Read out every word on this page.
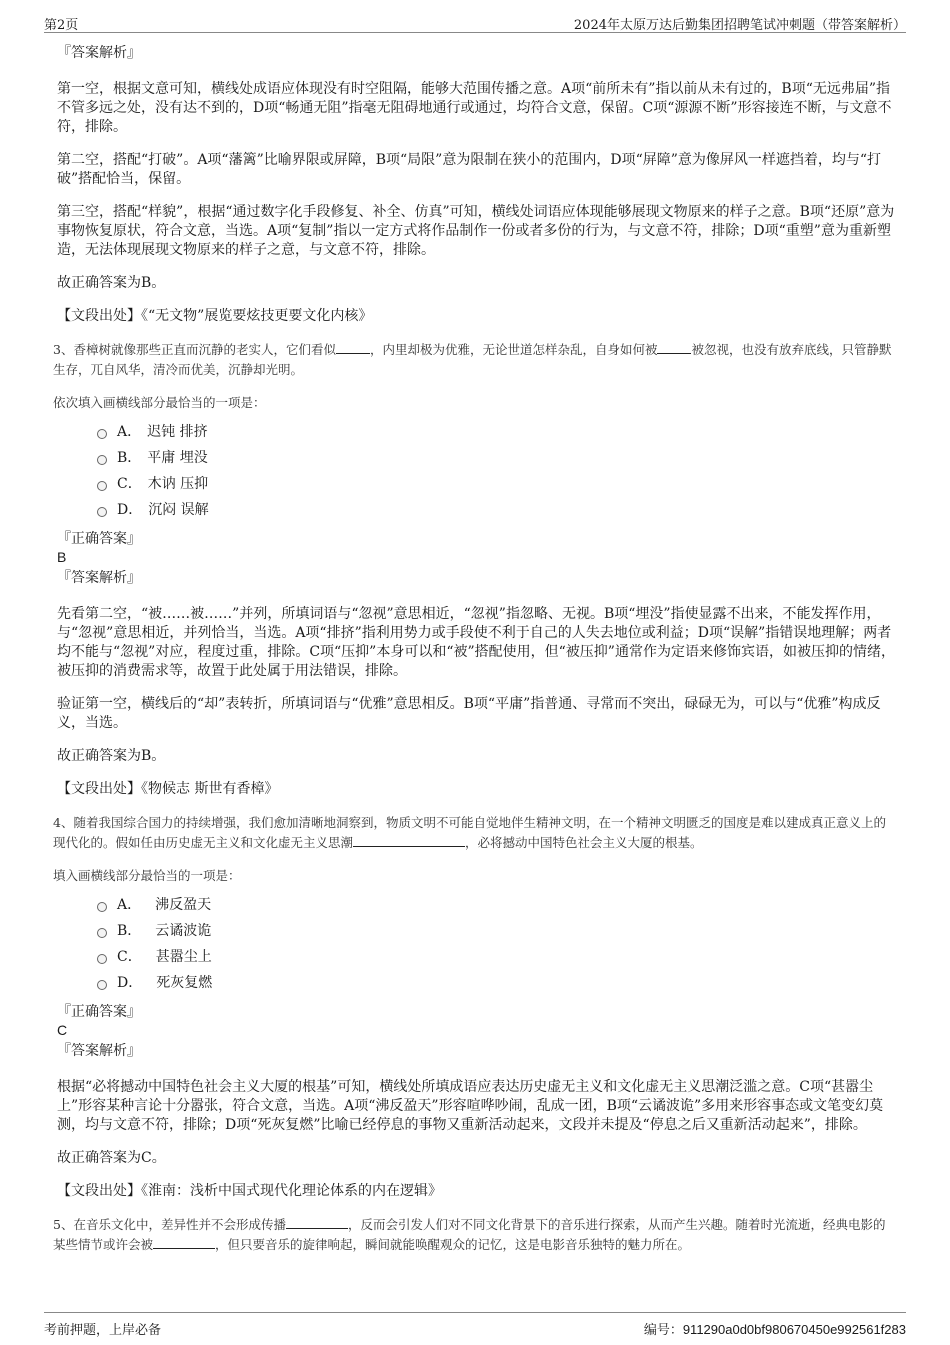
第2页	2024年太原万达后勤集团招聘笔试冲刺题（带答案解析）

『答案解析』

第一空，根据文意可知，横线处成语应体现没有时空阻隔，能够大范围传播之意。A项“前所未有”指以前从未有过的，B项“无远弗届”指不管多远之处，没有达不到的，D项“畅通无阻”指毫无阻碍地通行或通过，均符合文意，保留。C项“源源不断”形容接连不断，与文意不符，排除。

第二空，搭配“打破”。A项“藩篱”比喻界限或屏障，B项“局限”意为限制在狭小的范围内，D项“屏障”意为像屏风一样遮挡着，均与“打破”搭配恰当，保留。

第三空，搭配“样貌”，根据“通过数字化手段修复、补全、仿真”可知，横线处词语应体现能够展现文物原来的样子之意。B项“还原”意为事物恢复原状，符合文意，当选。A项“复制”指以一定方式将作品制作一份或者多份的行为，与文意不符，排除；D项“重塑”意为重新塑造，无法体现展现文物原来的样子之意，与文意不符，排除。

故正确答案为B。

【文段出处】《“无文物”展览要炫技更要文化内核》

3、香樟树就像那些正直而沉静的老实人，它们看似	，内里却极为优雅，无论世道怎样杂乱，自身如何被	被忽视，也没有放弃底线，只管静默生存，兀自风华，清冷而优美，沉静却光明。

依次填入画横线部分最恰当的一项是：

A． 迟钝 排挤
B． 平庸 埋没
C． 木讷 压抑
D． 沉闷 误解

『正确答案』

B

『答案解析』

先看第二空，“被……被……”并列，所填词语与“忽视”意思相近，“忽视”指忽略、无视。B项“埋没”指使显露不出来，不能发挥作用，与“忽视”意思相近，并列恰当，当选。A项“排挤”指利用势力或手段使不利于自己的人失去地位或利益；D项“误解”指错误地理解；两者均不能与“忽视”对应，程度过重，排除。C项“压抑”本身可以和“被”搭配使用，但“被压抑”通常作为定语来修饰宾语，如被压抑的情绪，被压抑的消费需求等，故置于此处属于用法错误，排除。

验证第一空，横线后的“却”表转折，所填词语与“优雅”意思相反。B项“平庸”指普通、寻常而不突出，碌碌无为，可以与“优雅”构成反义，当选。

故正确答案为B。

【文段出处】《物候志 斯世有香樟》

4、随着我国综合国力的持续增强，我们愈加清晰地洞察到，物质文明不可能自觉地伴生精神文明，在一个精神文明匮乏的国度是难以建成真正意义上的现代化的。假如任由历史虚无主义和文化虚无主义思潮	，必将撼动中国特色社会主义大厦的根基。

填入画横线部分最恰当的一项是：

A． 沸反盈天
B． 云谲波诡
C． 甚嚣尘上
D． 死灰复燃

『正确答案』

C

『答案解析』

根据“必将撼动中国特色社会主义大厦的根基”可知，横线处所填成语应表达历史虚无主义和文化虚无主义思潮泛滥之意。C项“甚嚣尘上”形容某种言论十分嚣张，符合文意，当选。A项“沸反盈天”形容喧哗吵闹，乱成一团，B项“云谲波诡”多用来形容事态或文笔变幻莫测，均与文意不符，排除；D项“死灰复燃”比喻已经停息的事物又重新活动起来，文段并未提及“停息之后又重新活动起来”，排除。

故正确答案为C。

【文段出处】《淮南：浅析中国式现代化理论体系的内在逻辑》

5、在音乐文化中，差异性并不会形成传播	，反而会引发人们对不同文化背景下的音乐进行探索，从而产生兴趣。随着时光流逝，经典电影的某些情节或许会被	，但只要音乐的旋律响起，瞬间就能唤醒观众的记忆，这是电影音乐独特的魅力所在。

考前押题，上岸必备	编号：911290a0d0bf980670450e992561f283
